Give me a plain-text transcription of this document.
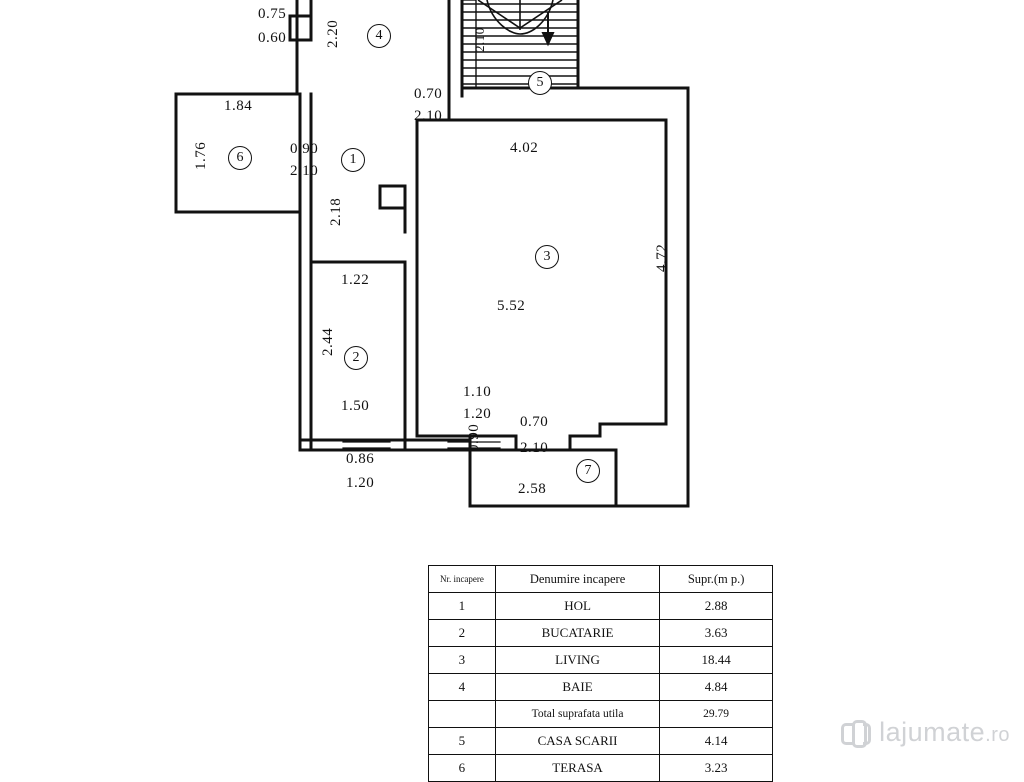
0.75
0.60	2.20	2.10
1.84
0.70
2.10
4.02
1.76	0.90
2.10
2.18
4.72
5.52
1.22
2.44
1.50
1.10
1.20 0.70
2.10
0.86
1.20
0.90
2.58
4
5
6	1
3
2
7
Nr. incapere	Denumire incapere	Supr.(m p.)
1	HOL	2.88
2	BUCATARIE	3.63
3	LIVING	18.44
4	BAIE	4.84
	Total suprafata utila	29.79
5	CASA SCARII	4.14
6	TERASA	3.23
lajumate.ro
